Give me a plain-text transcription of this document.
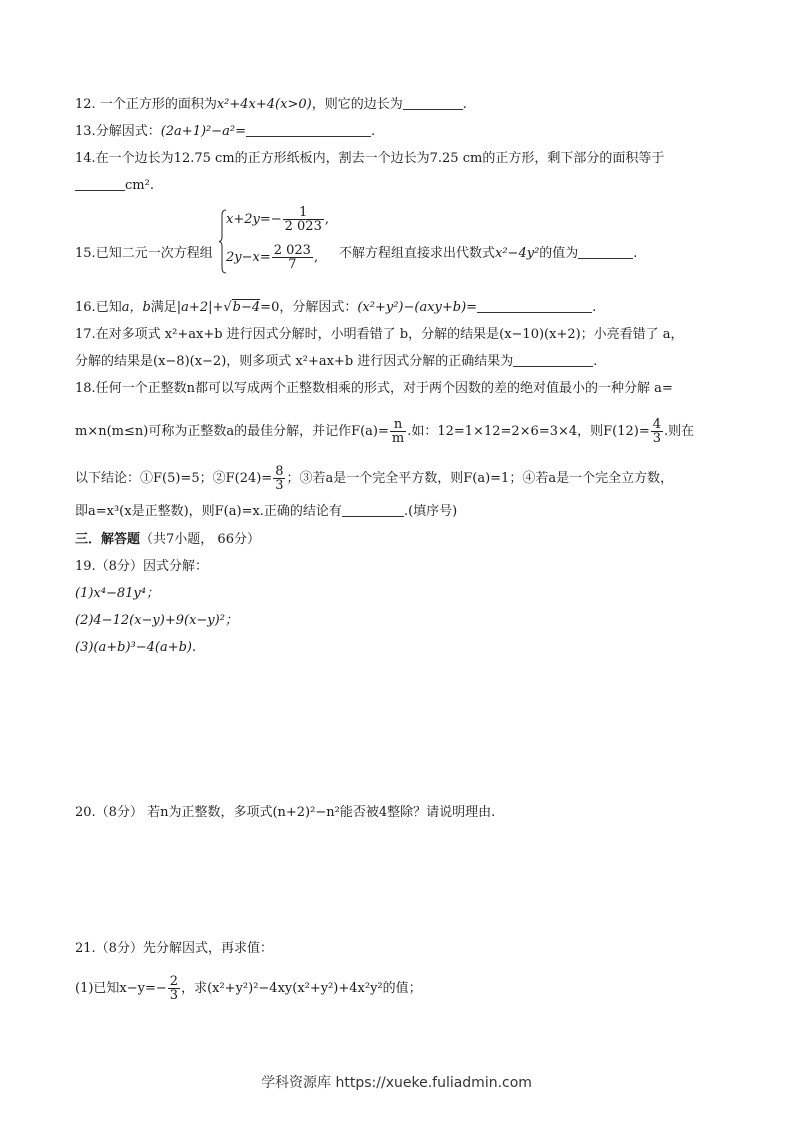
12. 一个正方形的面积为x²+4x+4(x>0)，则它的边长为	.
13.分解因式：(2a+1)²−a²=	.
14.在一个边长为12.75 cm的正方形纸板内，割去一个边长为7.25 cm的正方形，剩下部分的面积等于
cm².
15.已知二元一次方程组
$x+2y=- \frac{1}{2 023}$ ,
$2y-x= \frac{2 023}{7}$ , 不解方程组直接求出代数式x²−4y²的值为	.
16.已知a，b满足|a+2|+√b−4=0，分解因式：(x²+y²)−(axy+b)=	.
17.在对多项式 x²+ax+b 进行因式分解时，小明看错了 b，分解的结果是(x−10)(x+2)；小亮看错了 a，
分解的结果是(x−8)(x−2)，则多项式 x²+ax+b 进行因式分解的正确结果为	.
18.任何一个正整数n都可以写成两个正整数相乘的形式，对于两个因数的差的绝对值最小的一种分解 a=
m×n(m≤n)可称为正整数a的最佳分解，并记作$F(a)= \frac{n}{m}$ .如：12=1×12=2×6=3×4，则$F(12)= \frac{4}{3}$ .则在
以下结论：①F(5)=5；②F(24)= $\frac{8}{3}$ ；③若a是一个完全平方数，则F(a)=1；④若a是一个完全立方数，
即a=x³(x是正整数)，则F(a)=x.正确的结论有	.(填序号)
三．解答题（共7小题， 66分）
19.（8分）因式分解：
(1)x⁴−81y⁴；
(2)4−12(x−y)+9(x−y)²；
(3)(a+b)³−4(a+b).
20.（8分） 若n为正整数，多项式(n+2)²−n²能否被4整除？请说明理由.
21.（8分）先分解因式，再求值：
(1)已知$x-y=- \frac{2}{3}$ ，求(x²+y²)²−4xy(x²+y²)+4x²y²的值；
学科资源库 https://xueke.fuliadmin.com
